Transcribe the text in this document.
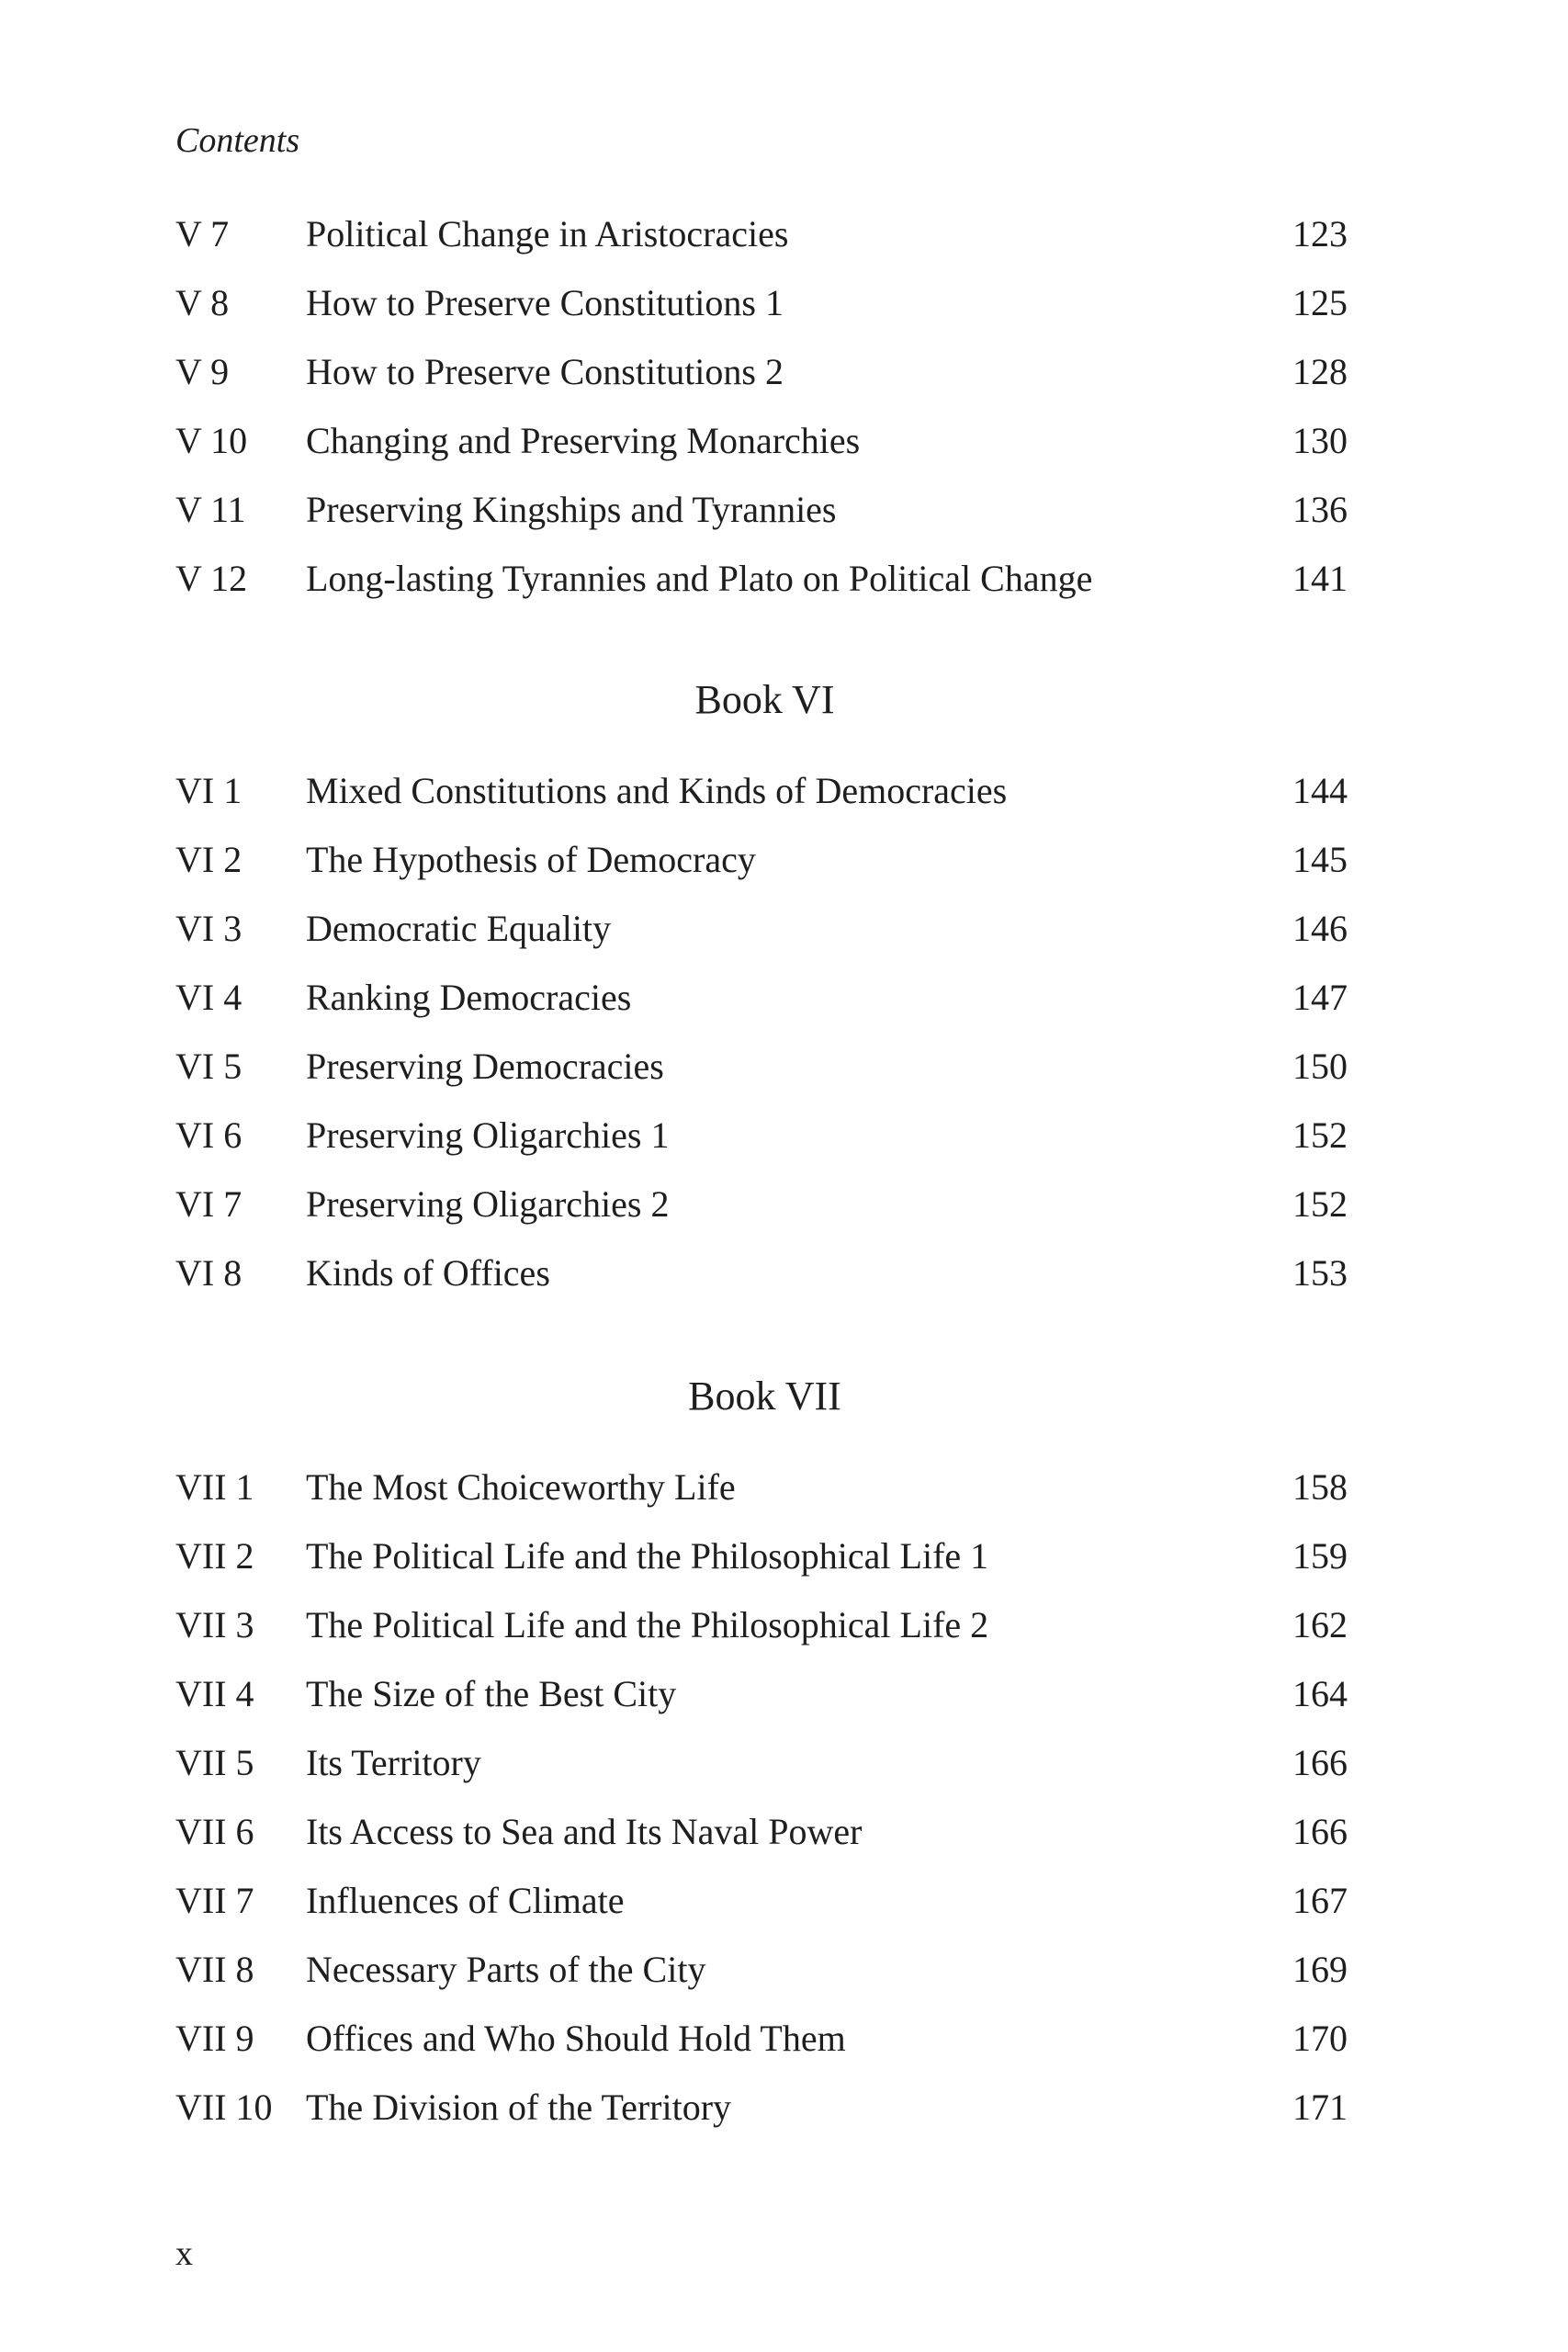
Contents
V 7 Political Change in Aristocracies	123
V 8 How to Preserve Constitutions 1	125
V 9 How to Preserve Constitutions 2	128
V 10 Changing and Preserving Monarchies	130
V 11 Preserving Kingships and Tyrannies	136
V 12 Long-lasting Tyrannies and Plato on Political Change	141
Book VI
VI 1 Mixed Constitutions and Kinds of Democracies	144
VI 2 The Hypothesis of Democracy	145
VI 3 Democratic Equality	146
VI 4 Ranking Democracies	147
VI 5 Preserving Democracies	150
VI 6 Preserving Oligarchies 1	152
VI 7 Preserving Oligarchies 2	152
VI 8 Kinds of Offices	153
Book VII
VII 1 The Most Choiceworthy Life	158
VII 2 The Political Life and the Philosophical Life 1	159
VII 3 The Political Life and the Philosophical Life 2	162
VII 4 The Size of the Best City	164
VII 5 Its Territory	166
VII 6 Its Access to Sea and Its Naval Power	166
VII 7 Influences of Climate	167
VII 8 Necessary Parts of the City	169
VII 9 Offices and Who Should Hold Them	170
VII 10 The Division of the Territory	171
x
